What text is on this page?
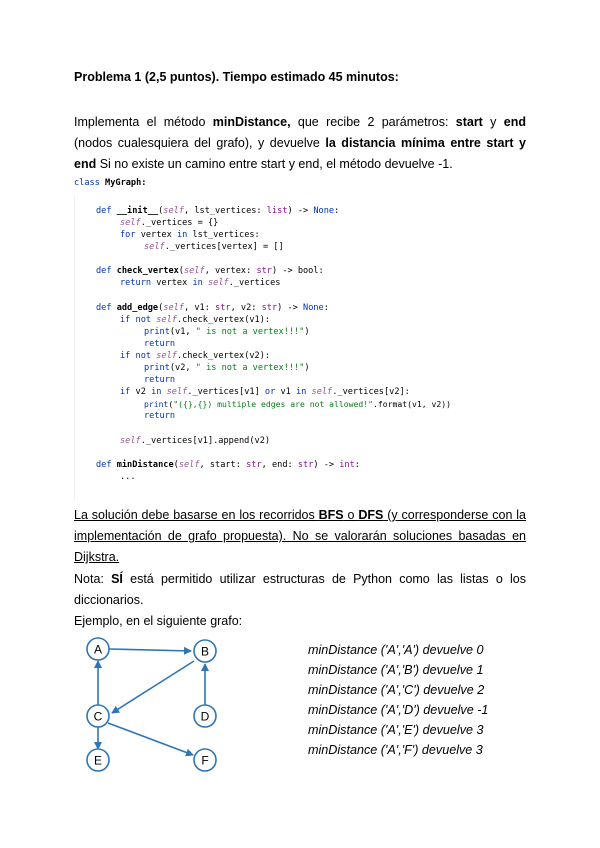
Problema 1 (2,5 puntos). Tiempo estimado 45 minutos:
Implementa el método minDistance, que recibe 2 parámetros: start y end (nodos cualesquiera del grafo), y devuelve la distancia mínima entre start y end Si no existe un camino entre start y end, el método devuelve -1.
class MyGraph:
def __init__(self, lst_vertices: list) -> None:
self._vertices = {}
for vertex in lst_vertices:
self._vertices[vertex] = []
def check_vertex(self, vertex: str) -> bool:
return vertex in self._vertices
def add_edge(self, v1: str, v2: str) -> None:
if not self.check_vertex(v1):
print(v1, " is not a vertex!!!")
return
if not self.check_vertex(v2):
print(v2, " is not a vertex!!!")
return
if v2 in self._vertices[v1] or v1 in self._vertices[v2]:
print("({},{}) multiple edges are not allowed!".format(v1, v2))
return
self._vertices[v1].append(v2)
def minDistance(self, start: str, end: str) -> int:
...
La solución debe basarse en los recorridos BFS o DFS (y corresponderse con la implementación de grafo propuesta). No se valorarán soluciones basadas en Dijkstra.
Nota: SÍ está permitido utilizar estructuras de Python como las listas o los diccionarios.
Ejemplo, en el siguiente grafo:
A	B
C	D
E	F
minDistance ('A','A') devuelve 0
minDistance ('A','B') devuelve 1
minDistance ('A','C') devuelve 2
minDistance ('A','D') devuelve -1
minDistance ('A','E') devuelve 3
minDistance ('A','F') devuelve 3
